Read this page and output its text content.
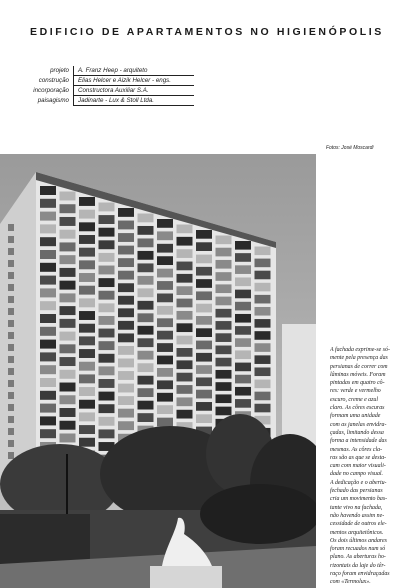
EDIFICIO DE APARTAMENTOS NO HIGIENÓPOLIS
projeto	A. Franz Heep - arquiteto
construção	Elias Helcer e Aizik Helcer - engs.
incorporação	Constructora Auxiliar S.A.
paisagismo	Jadinarte - Lux & Stoll Ltda.
Fotos: José Moscardi
A fachada exprime-se só-
mente pela presença das
persianas de correr com
lâminas móveis. Foram
pintadas em quatro cô-
res: verde e vermelho
escuro, creme e azul
claro. As côres escuras
formam uma unidade
com as janelas envidra-
çadas, limitando dessa
forma a intensidade das
mesmas. As côres cla-
ras são as que se desta-
cam com maior visuali-
dade no campo visual.
A dedicação e o abertu-
fechado das persianas
cria um movimento bas-
tante vivo na fachada,
não havendo assim ne-
cessidade de outros ele-
mentos arquitetônicos.
Os dois últimos andares
foram recuados num só
plano. As aberturas ho-
rizontais da laje do têr-
raço foram envidraçadas
com «Termolux».
